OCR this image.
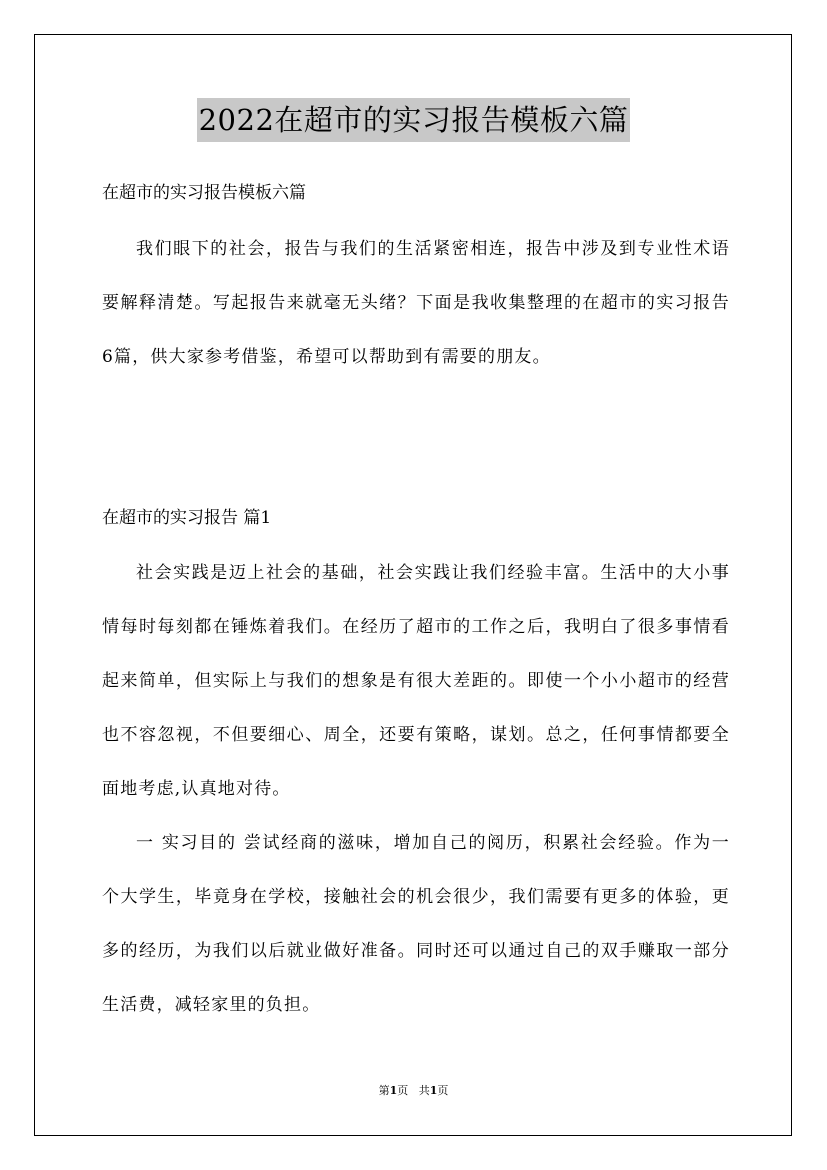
2022在超市的实习报告模板六篇
在超市的实习报告模板六篇

我们眼下的社会，报告与我们的生活紧密相连，报告中涉及到专业性术语要解释清楚。写起报告来就毫无头绪？下面是我收集整理的在超市的实习报告6篇，供大家参考借鉴，希望可以帮助到有需要的朋友。

在超市的实习报告 篇1

社会实践是迈上社会的基础，社会实践让我们经验丰富。生活中的大小事情每时每刻都在锤炼着我们。在经历了超市的工作之后，我明白了很多事情看起来简单，但实际上与我们的想象是有很大差距的。即使一个小小超市的经营也不容忽视，不但要细心、周全，还要有策略，谋划。总之，任何事情都要全面地考虑,认真地对待。

一 实习目的 尝试经商的滋味，增加自己的阅历，积累社会经验。作为一个大学生，毕竟身在学校，接触社会的机会很少，我们需要有更多的体验，更多的经历，为我们以后就业做好准备。同时还可以通过自己的双手赚取一部分生活费，减轻家里的负担。

第1页 共1页
